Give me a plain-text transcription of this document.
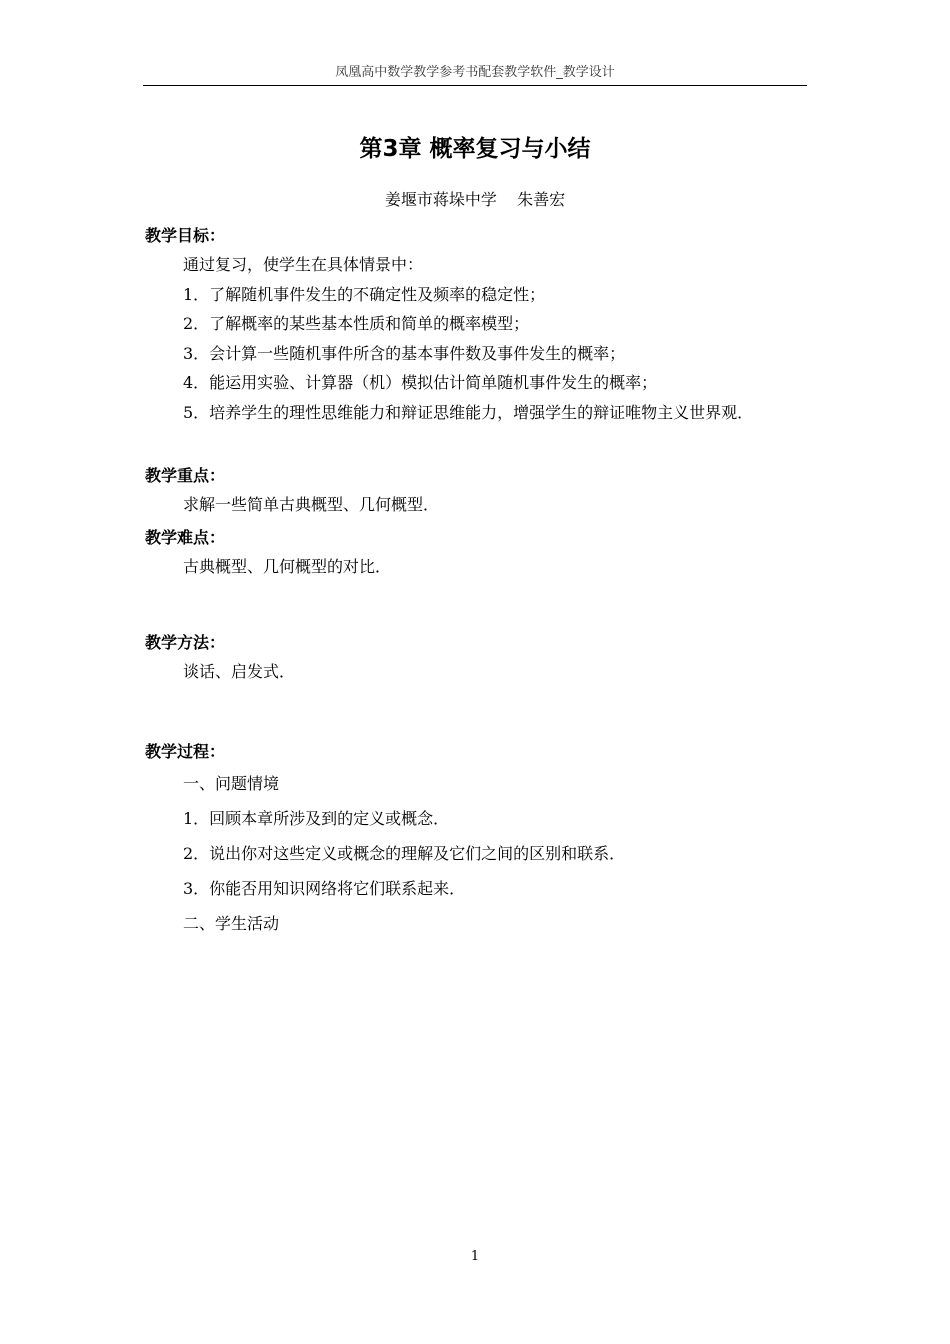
凤凰高中数学教学参考书配套教学软件_教学设计
第3章 概率复习与小结
姜堰市蒋垛中学    朱善宏
教学目标：
通过复习，使学生在具体情景中：
1．了解随机事件发生的不确定性及频率的稳定性；
2．了解概率的某些基本性质和简单的概率模型；
3．会计算一些随机事件所含的基本事件数及事件发生的概率；
4．能运用实验、计算器（机）模拟估计简单随机事件发生的概率；
5．培养学生的理性思维能力和辩证思维能力，增强学生的辩证唯物主义世界观．
教学重点：
求解一些简单古典概型、几何概型．
教学难点：
古典概型、几何概型的对比．
教学方法：
谈话、启发式．
教学过程：
一、问题情境
1．回顾本章所涉及到的定义或概念．
2．说出你对这些定义或概念的理解及它们之间的区别和联系．
3．你能否用知识网络将它们联系起来．
二、学生活动
1
